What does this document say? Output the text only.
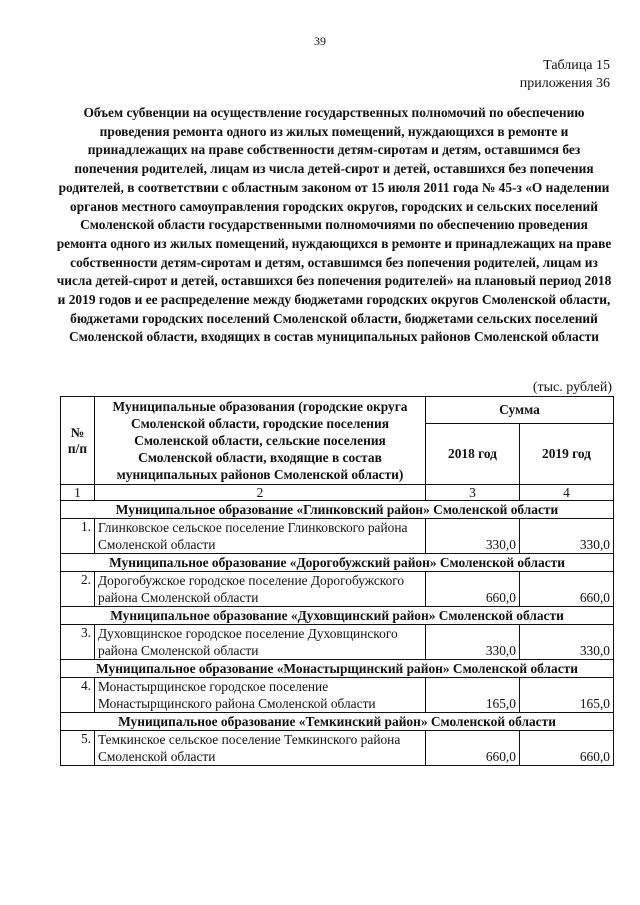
39
Таблица 15
приложения 36
Объем субвенции на осуществление государственных полномочий по обеспечению проведения ремонта одного из жилых помещений, нуждающихся в ремонте и принадлежащих на праве собственности детям-сиротам и детям, оставшимся без попечения родителей, лицам из числа детей-сирот и детей, оставшихся без попечения родителей, в соответствии с областным законом от 15 июля 2011 года № 45-з «О наделении органов местного самоуправления городских округов, городских и сельских поселений Смоленской области государственными полномочиями по обеспечению проведения ремонта одного из жилых помещений, нуждающихся в ремонте и принадлежащих на праве собственности детям-сиротам и детям, оставшимся без попечения родителей, лицам из числа детей-сирот и детей, оставшихся без попечения родителей» на плановый период 2018 и 2019 годов и ее распределение между бюджетами городских округов Смоленской области, бюджетами городских поселений Смоленской области, бюджетами сельских поселений Смоленской области, входящих в состав муниципальных районов Смоленской области
(тыс. рублей)
№ п/п	Муниципальные образования (городские округа Смоленской области, городские поселения Смоленской области, сельские поселения Смоленской области, входящие в состав муниципальных районов Смоленской области)	Сумма	
		2018 год	2019 год
1	2	3	4
Муниципальное образование «Глинковский район» Смоленской области			
1.	Глинковское сельское поселение Глинковского района Смоленской области	330,0	330,0
Муниципальное образование «Дорогобужский район» Смоленской области			
2.	Дорогобужское городское поселение Дорогобужского района Смоленской области	660,0	660,0
Муниципальное образование «Духовщинский район» Смоленской области			
3.	Духовщинское городское поселение Духовщинского района Смоленской области	330,0	330,0
Муниципальное образование «Монастырщинский район» Смоленской области			
4.	Монастырщинское городское поселение Монастырщинского района Смоленской области	165,0	165,0
Муниципальное образование «Темкинский район» Смоленской области			
5.	Темкинское сельское поселение Темкинского района Смоленской области	660,0	660,0
